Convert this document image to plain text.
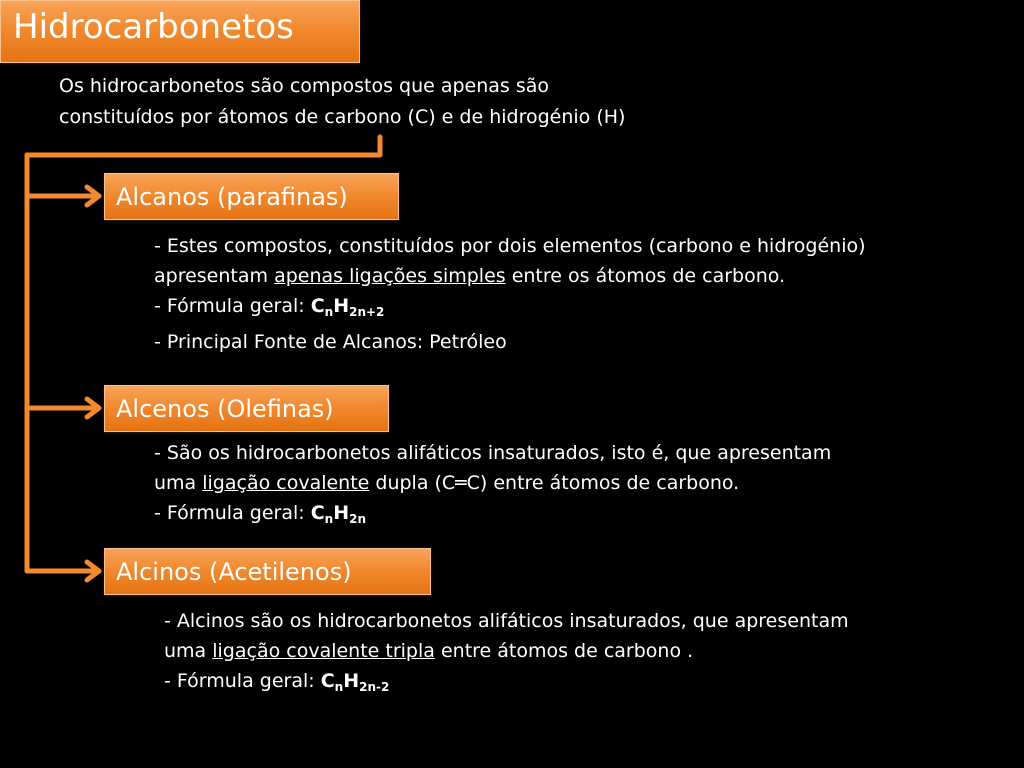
Hidrocarbonetos
Os hidrocarbonetos são compostos que apenas são
constituídos por átomos de carbono (C) e de hidrogénio (H)
Alcanos (parafinas)
- Estes compostos, constituídos por dois elementos (carbono e hidrogénio)
apresentam apenas ligações simples entre os átomos de carbono.
- Fórmula geral: $C_nH_{2n+2}$
- Principal Fonte de Alcanos: Petróleo
Alcenos (Olefinas)
- São os hidrocarbonetos alifáticos insaturados, isto é, que apresentam
uma ligação covalente dupla (C═C) entre átomos de carbono.
- Fórmula geral: $C_nH_{2n}$
Alcinos (Acetilenos)
- Alcinos são os hidrocarbonetos alifáticos insaturados, que apresentam
uma ligação covalente tripla entre átomos de carbono .
- Fórmula geral: $C_nH_{2n-2}$
